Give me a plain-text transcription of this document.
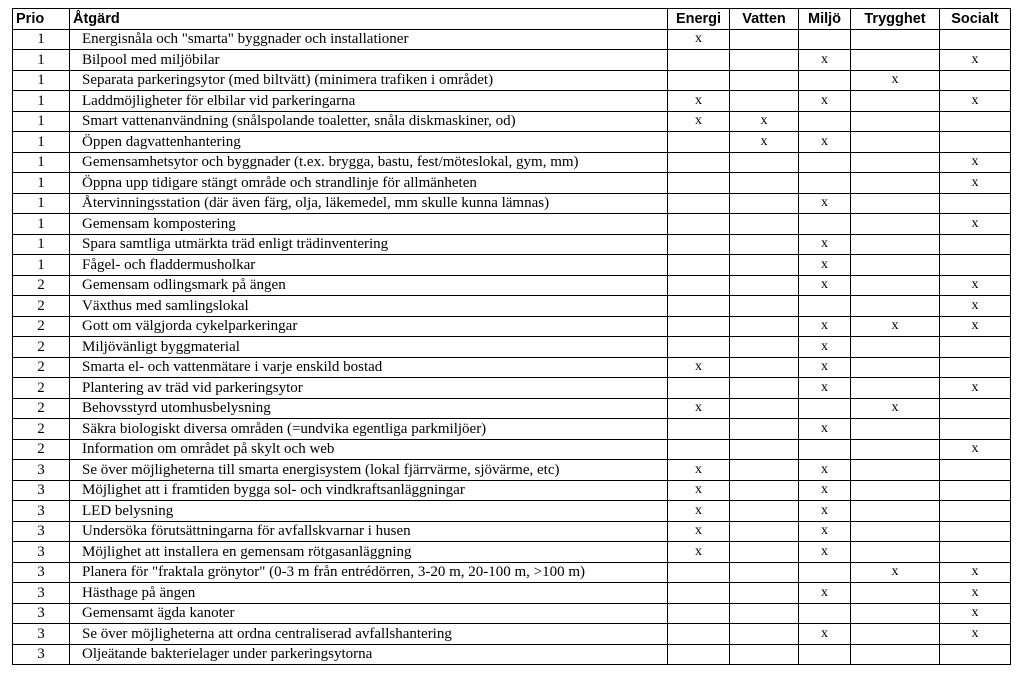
Prio	Åtgärd	Energi	Vatten	Miljö	Trygghet	Socialt
1	Energisnåla och "smarta" byggnader och installationer	x				
1	Bilpool med miljöbilar			x		x
1	Separata parkeringsytor (med biltvätt) (minimera trafiken i området)				x	
1	Laddmöjligheter för elbilar vid parkeringarna	x		x		x
1	Smart vattenanvändning (snålspolande toaletter, snåla diskmaskiner, od)	x	x			
1	Öppen dagvattenhantering		x	x		
1	Gemensamhetsytor och byggnader (t.ex. brygga, bastu, fest/möteslokal, gym, mm)					x
1	Öppna upp tidigare stängt område och strandlinje för allmänheten					x
1	Återvinningsstation (där även färg, olja, läkemedel, mm skulle kunna lämnas)			x		
1	Gemensam kompostering					x
1	Spara samtliga utmärkta träd enligt trädinventering			x		
1	Fågel- och fladdermusholkar			x		
2	Gemensam odlingsmark på ängen			x		x
2	Växthus med samlingslokal					x
2	Gott om välgjorda cykelparkeringar			x	x	x
2	Miljövänligt byggmaterial			x		
2	Smarta el- och vattenmätare i varje enskild bostad	x		x		
2	Plantering av träd vid parkeringsytor			x		x
2	Behovsstyrd utomhusbelysning	x			x	
2	Säkra biologiskt diversa områden (=undvika egentliga parkmiljöer)			x		
2	Information om området på skylt och web					x
3	Se över möjligheterna till smarta energisystem (lokal fjärrvärme, sjövärme, etc)	x		x		
3	Möjlighet att i framtiden bygga sol- och vindkraftsanläggningar	x		x		
3	LED belysning	x		x		
3	Undersöka förutsättningarna för avfallskvarnar i husen	x		x		
3	Möjlighet att installera en gemensam rötgasanläggning	x		x		
3	Planera för "fraktala grönytor" (0-3 m från entrédörren, 3-20 m, 20-100 m, >100 m)				x	x
3	Hästhage på ängen			x		x
3	Gemensamt ägda kanoter					x
3	Se över möjligheterna att ordna centraliserad avfallshantering			x		x
3	Oljeätande bakterielager under parkeringsytorna					
